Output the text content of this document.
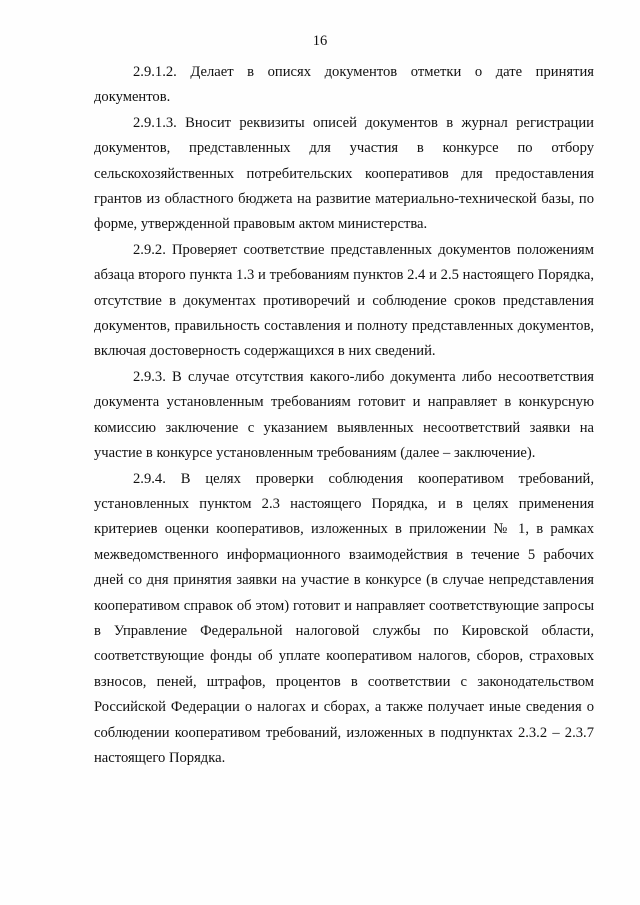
16

2.9.1.2. Делает в описях документов отметки о дате принятия документов.

2.9.1.3. Вносит реквизиты описей документов в журнал регистрации документов, представленных для участия в конкурсе по отбору сельскохозяйственных потребительских кооперативов для предоставления грантов из областного бюджета на развитие материально-технической базы, по форме, утвержденной правовым актом министерства.

2.9.2. Проверяет соответствие представленных документов положениям абзаца второго пункта 1.3 и требованиям пунктов 2.4 и 2.5 настоящего Порядка, отсутствие в документах противоречий и соблюдение сроков представления документов, правильность составления и полноту представленных документов, включая достоверность содержащихся в них сведений.

2.9.3. В случае отсутствия какого-либо документа либо несоответствия документа установленным требованиям готовит и направляет в конкурсную комиссию заключение с указанием выявленных несоответствий заявки на участие в конкурсе установленным требованиям (далее – заключение).

2.9.4. В целях проверки соблюдения кооперативом требований, установленных пунктом 2.3 настоящего Порядка, и в целях применения критериев оценки кооперативов, изложенных в приложении № 1, в рамках межведомственного информационного взаимодействия в течение 5 рабочих дней со дня принятия заявки на участие в конкурсе (в случае непредставления кооперативом справок об этом) готовит и направляет соответствующие запросы в Управление Федеральной налоговой службы по Кировской области, соответствующие фонды об уплате кооперативом налогов, сборов, страховых взносов, пеней, штрафов, процентов в соответствии с законодательством Российской Федерации о налогах и сборах, а также получает иные сведения о соблюдении кооперативом требований, изложенных в подпунктах 2.3.2 – 2.3.7 настоящего Порядка.
